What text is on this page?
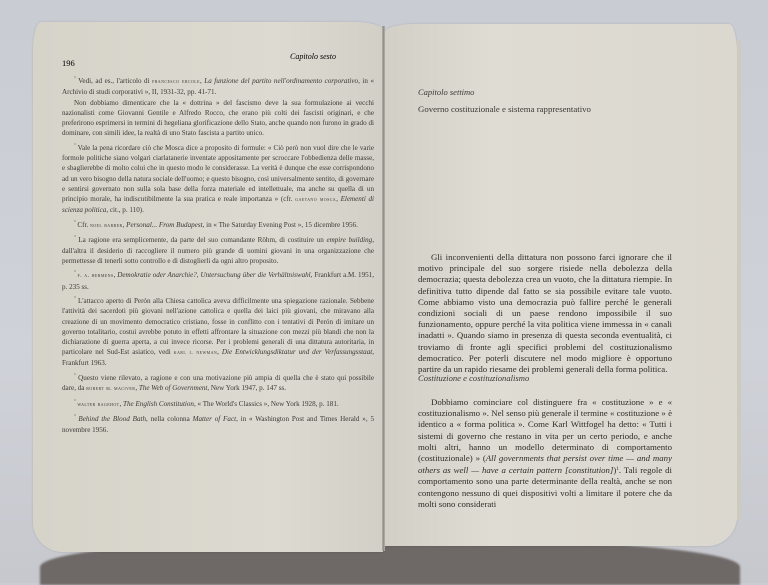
196
Capitolo sesto

″ Vedi, ad es., l'articolo di francesco ercole, La funzione del partito nell'ordinamento corporativo, in « Archivio di studi corporativi », II, 1931-32, pp. 41-71.

Non dobbiamo dimenticare che la « dottrina » del fascismo deve la sua formulazione ai vecchi nazionalisti come Giovanni Gentile e Alfredo Rocco, che erano più colti dei fascisti originari, e che preferirono esprimersi in termini di hegeliana glorificazione dello Stato, anche quando non furono in grado di dominare, con simili idee, la realtà di uno Stato fascista a partito unico.

″ Vale la pena ricordare ciò che Mosca dice a proposito di formule: « Ciò però non vuol dire che le varie formole politiche siano volgari ciarlatanerie inventate appositamente per scroccare l'obbedienza delle masse, e sbaglierebbe di molto colui che in questo modo le considerasse. La verità è dunque che esse corrispondono ad un vero bisogno della natura sociale dell'uomo; e questo bisogno, così universalmente sentito, di governare e sentirsi governato non sulla sola base della forza materiale ed intellettuale, ma anche su quella di un principio morale, ha indiscutibilmente la sua pratica e reale importanza » (cfr. gaetano mosca, Elementi di scienza politica, cit., p. 110).

″ Cfr. noel barber, Personal... From Budapest, in « The Saturday Evening Post », 15 dicembre 1956.

″ La ragione era semplicemente, da parte del suo comandante Röhm, di costituire un empire building, dall'altra il desiderio di raccogliere il numero più grande di uomini giovani in una organizzazione che permettesse di tenerli sotto controllo e di distoglierli da ogni altro proposito.

″ f. a. hermens, Demokratie oder Anarchie?, Untersuchung über die Verhältniswahl, Frankfurt a.M. 1951, p. 235 ss.

″ L'attacco aperto di Perón alla Chiesa cattolica aveva difficilmente una spiegazione razionale. Sebbene l'attività dei sacerdoti più giovani nell'azione cattolica e quella dei laici più giovani, che miravano alla creazione di un movimento democratico cristiano, fosse in conflitto con i tentativi di Perón di imitare un governo totalitario, costui avrebbe potuto in effetti affrontare la situazione con mezzi più blandi che non la dichiarazione di guerra aperta, a cui invece ricorse. Per i problemi generali di una dittatura autoritaria, in particolare nel Sud-Est asiatico, vedi karl j. newman, Die Entwicklungsdiktatur und der Verfassungsstaat, Frankfurt 1963.

″ Questo viene rilevato, a ragione e con una motivazione più ampia di quella che è stato qui possibile dare, da robert m. maciver, The Web of Government, New York 1947, p. 147 ss.

″ walter bagehot, The English Constitution, « The World's Classics », New York 1928, p. 181.

″ Behind the Blood Bath, nella colonna Matter of Fact, in « Washington Post and Times Herald », 5 novembre 1956.

Capitolo settimo
Governo costituzionale e sistema rappresentativo

Gli inconvenienti della dittatura non possono farci ignorare che il motivo principale del suo sorgere risiede nella debolezza della democrazia; questa debolezza crea un vuoto, che la dittatura riempie. In definitiva tutto dipende dal fatto se sia possibile evitare tale vuoto. Come abbiamo visto una democrazia può fallire perché le generali condizioni sociali di un paese rendono impossibile il suo funzionamento, oppure perché la vita politica viene immessa in « canali inadatti ». Quando siamo in presenza di questa seconda eventualità, ci troviamo di fronte agli specifici problemi del costituzionalismo democratico. Per poterli discutere nel modo migliore è opportuno partire da un rapido riesame dei problemi generali della forma politica.

Costituzione e costituzionalismo

Dobbiamo cominciare col distinguere fra « costituzione » e « costituzionalismo ». Nel senso più generale il termine « costituzione » è identico a « forma politica ». Come Karl Wittfogel ha detto: « Tutti i sistemi di governo che restano in vita per un certo periodo, e anche molti altri, hanno un modello determinato di comportamento (costituzionale) » (All governments that persist over time — and many others as well — have a certain pattern [constitution])$^1$. Tali regole di comportamento sono una parte determinante della realtà, anche se non contengono nessuno di quei dispositivi volti a limitare il potere che da molti sono considerati
